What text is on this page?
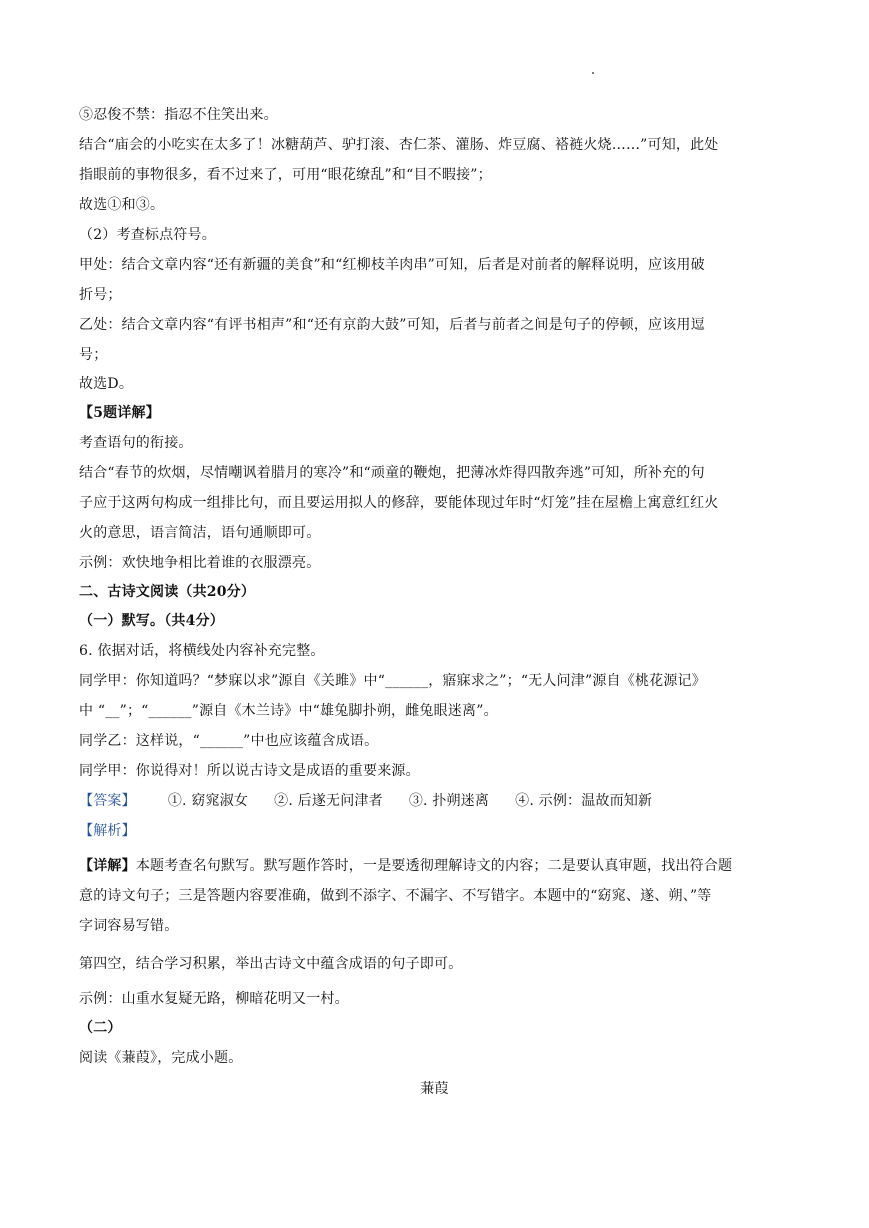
⑤忍俊不禁：指忍不住笑出来。
结合“庙会的小吃实在太多了！冰糖葫芦、驴打滚、杏仁茶、灌肠、炸豆腐、褡裢火烧……”可知，此处
指眼前的事物很多，看不过来了，可用“眼花缭乱”和“目不暇接”；
故选①和③。
（2）考查标点符号。
甲处：结合文章内容“还有新疆的美食”和“红柳枝羊肉串”可知，后者是对前者的解释说明，应该用破
折号；
乙处：结合文章内容“有评书相声”和“还有京韵大鼓”可知，后者与前者之间是句子的停顿，应该用逗
号；
故选D。
【5题详解】
考查语句的衔接。
结合“春节的炊烟，尽情嘲讽着腊月的寒冷”和“顽童的鞭炮，把薄冰炸得四散奔逃”可知，所补充的句
子应于这两句构成一组排比句，而且要运用拟人的修辞，要能体现过年时“灯笼”挂在屋檐上寓意红红火
火的意思，语言简洁，语句通顺即可。
示例：欢快地争相比着谁的衣服漂亮。
二、古诗文阅读（共20分）
（一）默写。（共4分）
6. 依据对话，将横线处内容补充完整。
同学甲：你知道吗？“梦寐以求”源自《关雎》中“______，寤寐求之”；“无人问津”源自《桃花源记》
中 “__”；“______”源自《木兰诗》中“雄兔脚扑朔，雌兔眼迷离”。
同学乙：这样说，“______”中也应该蕴含成语。
同学甲：你说得对！所以说古诗文是成语的重要来源。
【答案】 ①. 窈窕淑女 ②. 后遂无问津者 ③. 扑朔迷离 ④. 示例：温故而知新
【解析】
【详解】本题考查名句默写。默写题作答时，一是要透彻理解诗文的内容；二是要认真审题，找出符合题
意的诗文句子；三是答题内容要准确，做到不添字、不漏字、不写错字。本题中的“窈窕、遂、朔、”等
字词容易写错。
第四空，结合学习积累，举出古诗文中蕴含成语的句子即可。
示例：山重水复疑无路，柳暗花明又一村。
（二）
阅读《蒹葭》，完成小题。
蒹葭
